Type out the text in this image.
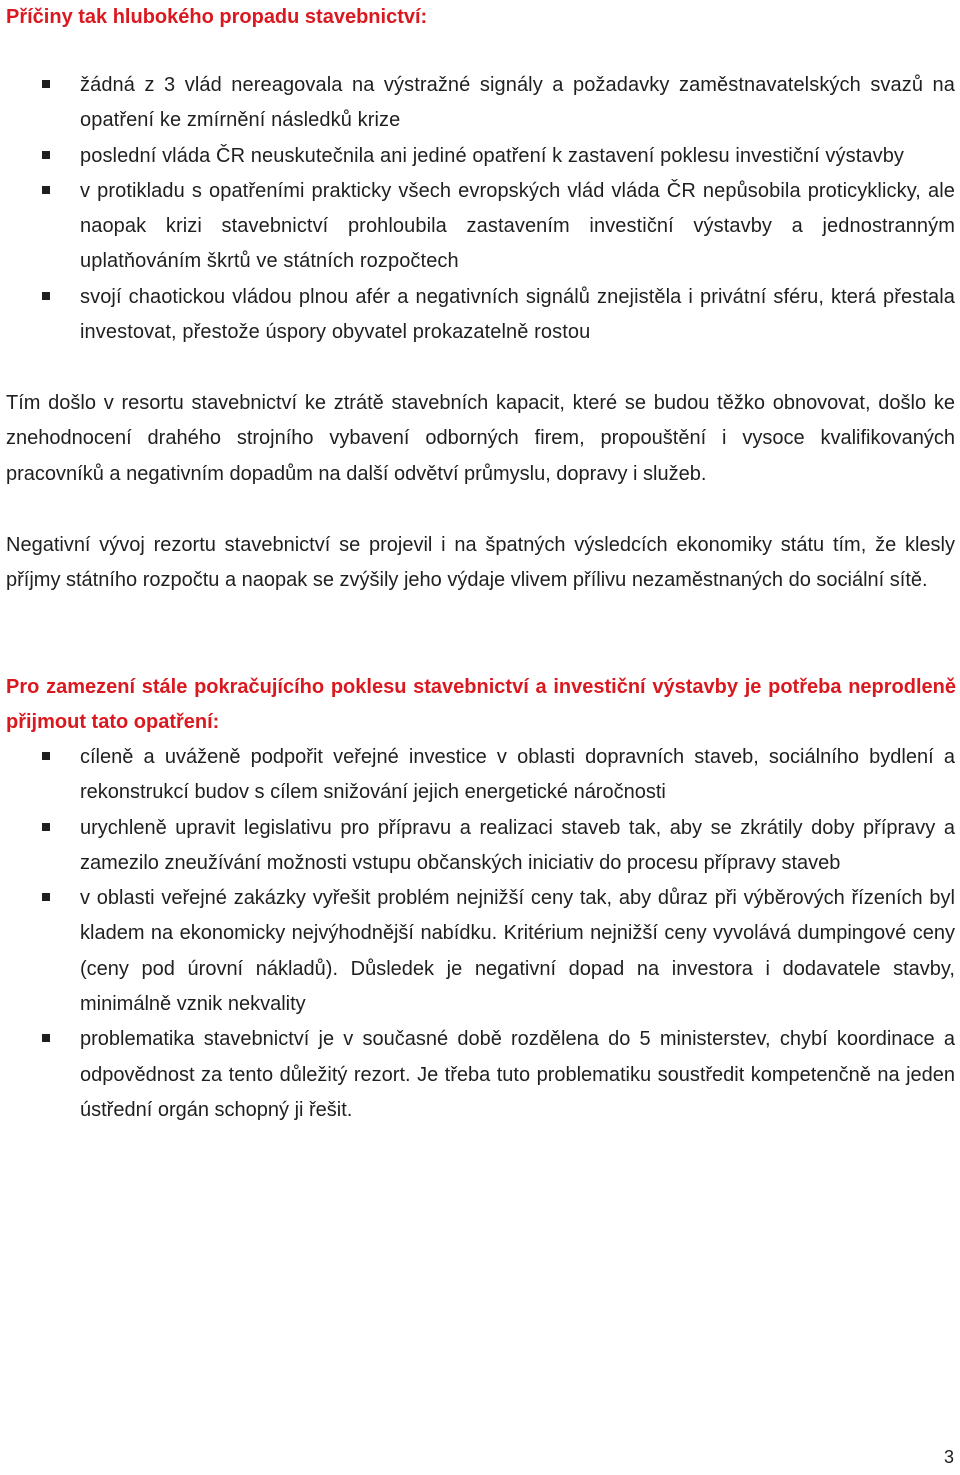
Příčiny tak hlubokého propadu stavebnictví:
žádná z 3 vlád nereagovala na výstražné signály a požadavky zaměstnavatelských svazů na opatření ke zmírnění následků krize
poslední vláda ČR neuskutečnila ani jediné opatření k zastavení poklesu investiční výstavby
v protikladu s opatřeními prakticky všech evropských vlád vláda ČR nepůsobila proticyklicky, ale naopak krizi stavebnictví prohloubila zastavením investiční výstavby a jednostranným uplatňováním škrtů ve státních rozpočtech
svojí chaotickou vládou plnou afér a negativních signálů znejistěla i privátní sféru, která přestala investovat, přestože úspory obyvatel prokazatelně rostou

Tím došlo v resortu stavebnictví ke ztrátě stavebních kapacit, které se budou těžko obnovovat, došlo ke znehodnocení drahého strojního vybavení odborných firem, propouštění i vysoce kvalifikovaných pracovníků a negativním dopadům na další odvětví průmyslu, dopravy i služeb.

Negativní vývoj rezortu stavebnictví se projevil i na špatných výsledcích ekonomiky státu tím, že klesly příjmy státního rozpočtu a naopak se zvýšily jeho výdaje vlivem přílivu nezaměstnaných do sociální sítě.

Pro zamezení stále pokračujícího poklesu stavebnictví a investiční výstavby je potřeba neprodleně přijmout tato opatření:
cíleně a uváženě podpořit veřejné investice v oblasti dopravních staveb, sociálního bydlení a rekonstrukcí budov s cílem snižování jejich energetické náročnosti
urychleně upravit legislativu pro přípravu a realizaci staveb tak, aby se zkrátily doby přípravy a zamezilo zneužívání možnosti vstupu občanských iniciativ do procesu přípravy staveb
v oblasti veřejné zakázky vyřešit problém nejnižší ceny tak, aby důraz při výběrových řízeních byl kladem na ekonomicky nejvýhodnější nabídku. Kritérium nejnižší ceny vyvolává dumpingové ceny (ceny pod úrovní nákladů). Důsledek je negativní dopad na investora i dodavatele stavby, minimálně vznik nekvality
problematika stavebnictví je v současné době rozdělena do 5 ministerstev, chybí koordinace a odpovědnost za tento důležitý rezort. Je třeba tuto problematiku soustředit kompetenčně na jeden ústřední orgán schopný ji řešit.
3
